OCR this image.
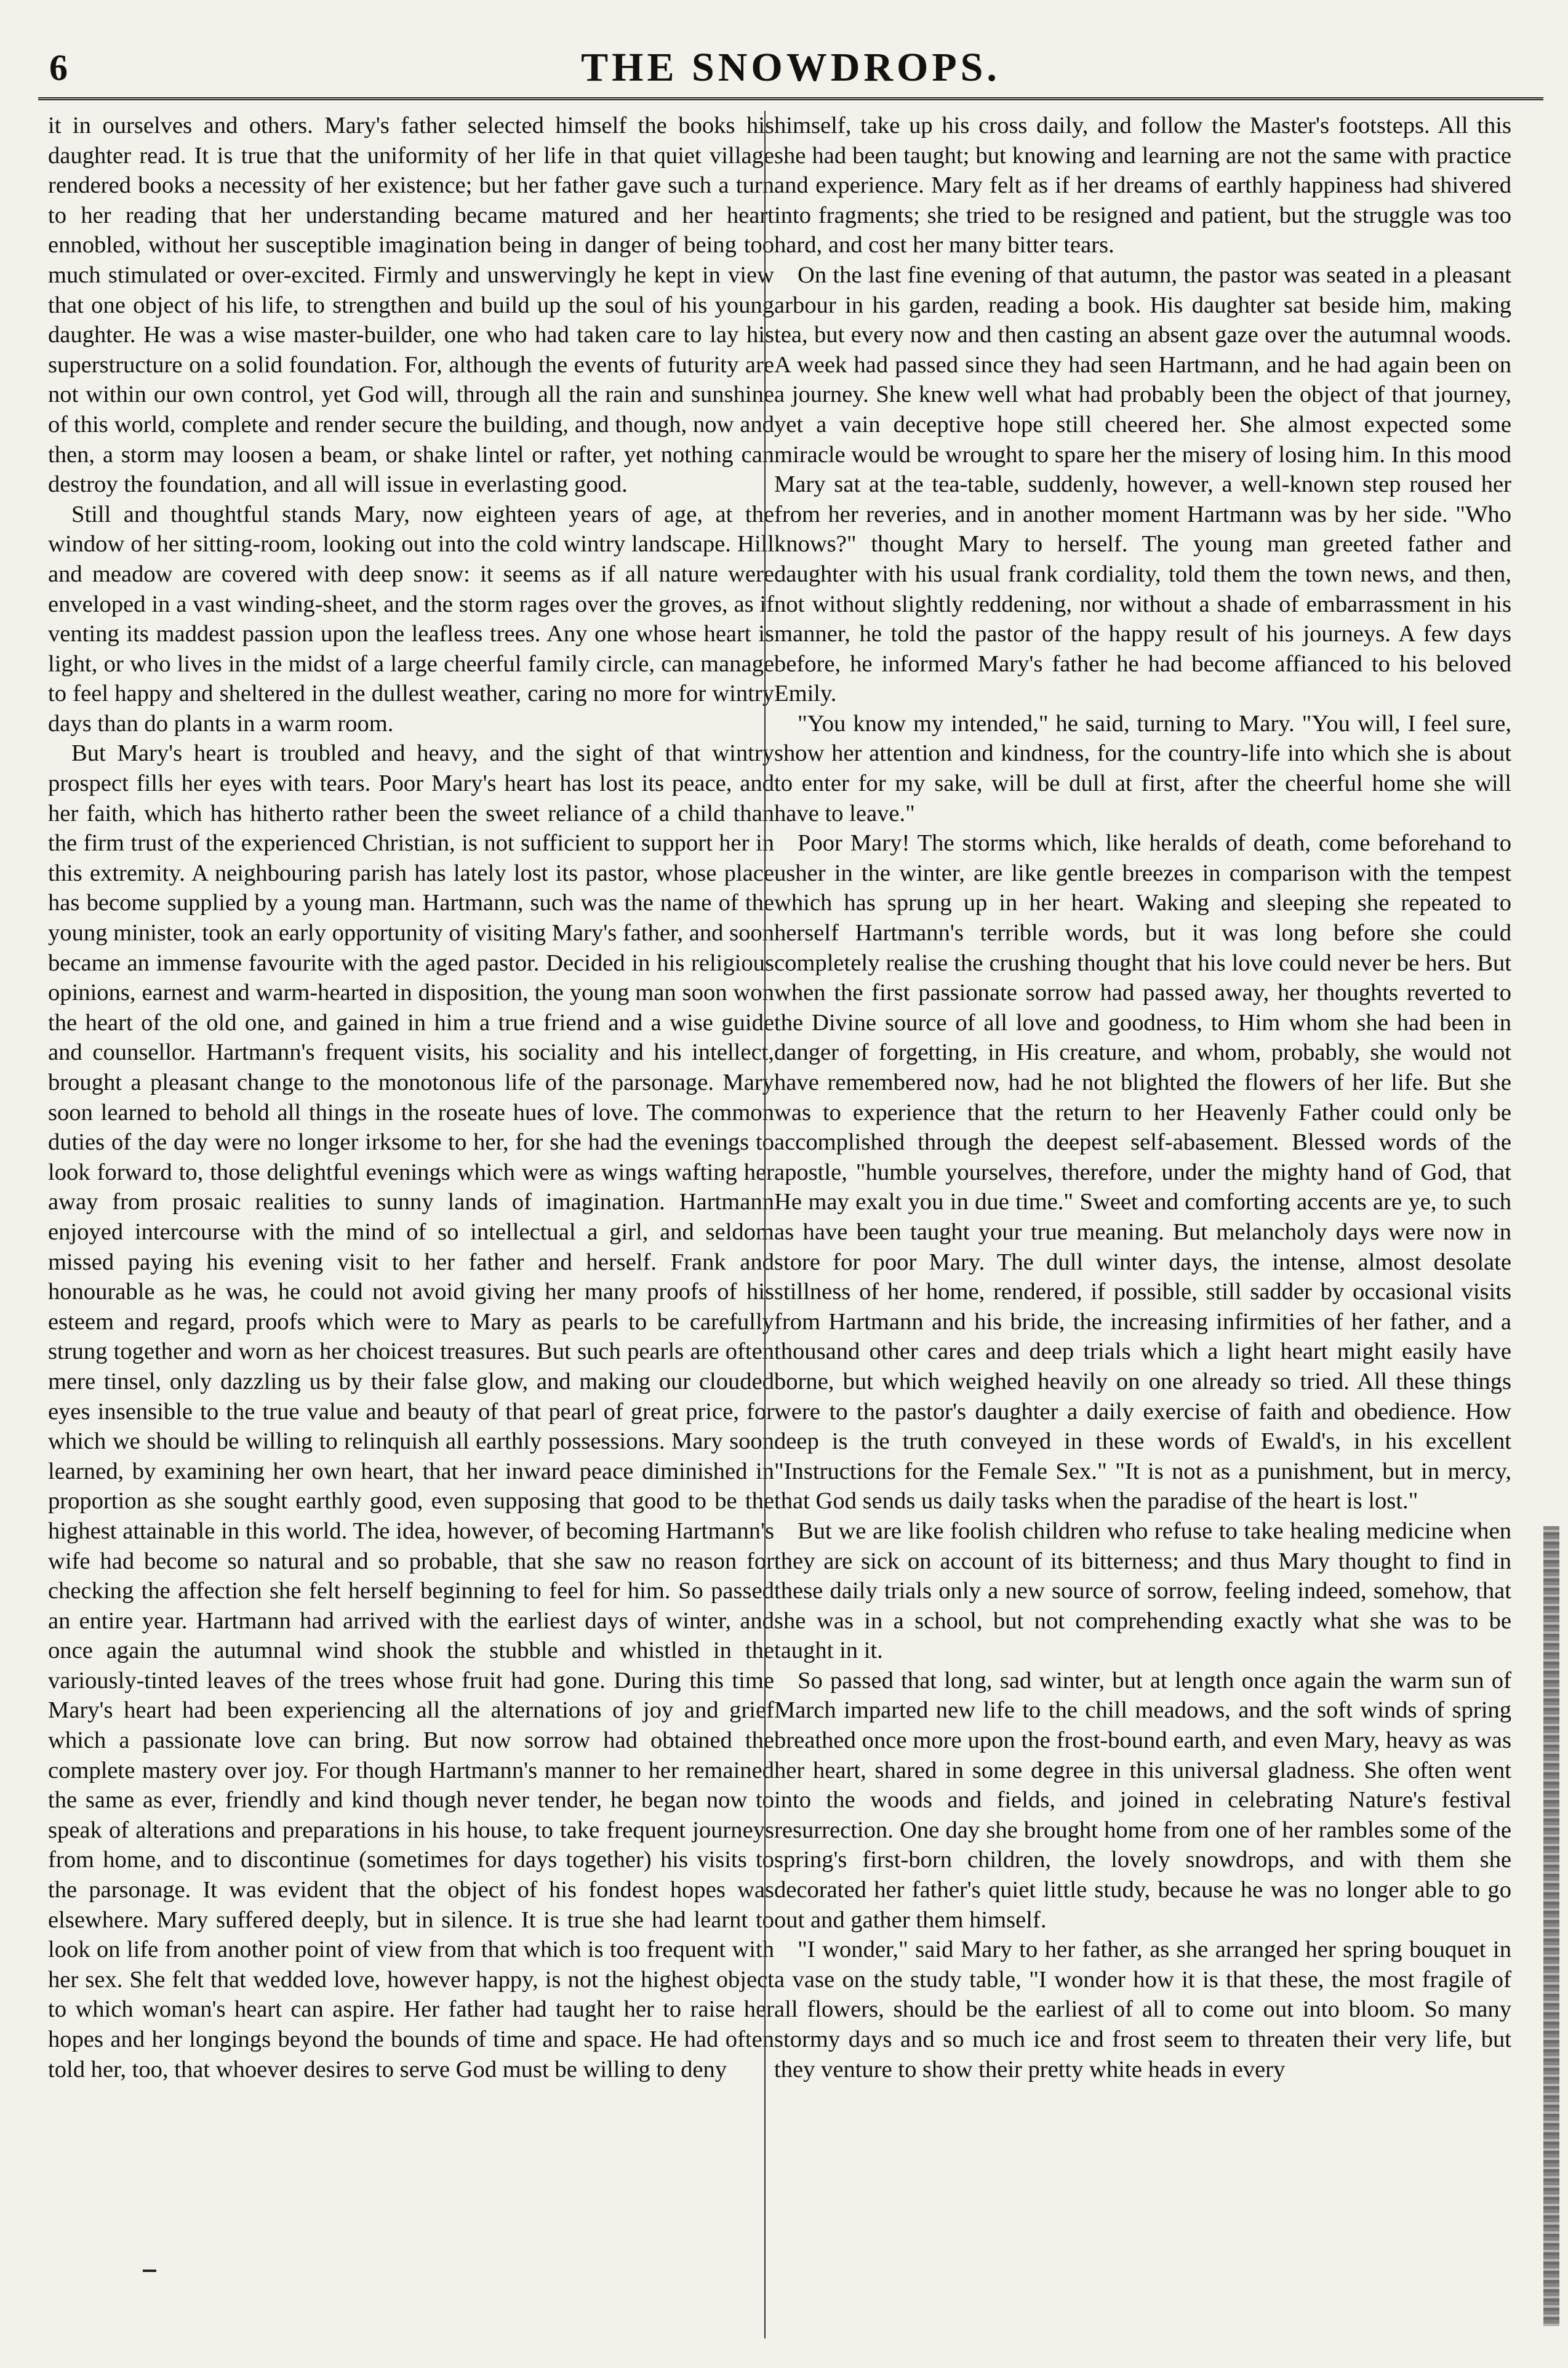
6	THE SNOWDROPS.

it in ourselves and others. Mary's father selected himself the books his daughter read. It is true that the uniformity of her life in that quiet village rendered books a necessity of her existence; but her father gave such a turn to her reading that her understanding became matured and her heart ennobled, without her susceptible imagination being in danger of being too much stimulated or over-excited. Firmly and unswervingly he kept in view that one object of his life, to strengthen and build up the soul of his young daughter. He was a wise master-builder, one who had taken care to lay his superstructure on a solid foundation. For, although the events of futurity are not within our own control, yet God will, through all the rain and sunshine of this world, complete and render secure the building, and though, now and then, a storm may loosen a beam, or shake lintel or rafter, yet nothing can destroy the foundation, and all will issue in everlasting good.

Still and thoughtful stands Mary, now eighteen years of age, at the window of her sitting-room, looking out into the cold wintry landscape. Hill and meadow are covered with deep snow: it seems as if all nature were enveloped in a vast winding-sheet, and the storm rages over the groves, as if venting its maddest passion upon the leafless trees. Any one whose heart is light, or who lives in the midst of a large cheerful family circle, can manage to feel happy and sheltered in the dullest weather, caring no more for wintry days than do plants in a warm room.

But Mary's heart is troubled and heavy, and the sight of that wintry prospect fills her eyes with tears. Poor Mary's heart has lost its peace, and her faith, which has hitherto rather been the sweet reliance of a child than the firm trust of the experienced Christian, is not sufficient to support her in this extremity. A neighbouring parish has lately lost its pastor, whose place has become supplied by a young man. Hartmann, such was the name of the young minister, took an early opportunity of visiting Mary's father, and soon became an immense favourite with the aged pastor. Decided in his religious opinions, earnest and warm-hearted in disposition, the young man soon won the heart of the old one, and gained in him a true friend and a wise guide and counsellor. Hartmann's frequent visits, his sociality and his intellect, brought a pleasant change to the monotonous life of the parsonage. Mary soon learned to behold all things in the roseate hues of love. The common duties of the day were no longer irksome to her, for she had the evenings to look forward to, those delightful evenings which were as wings wafting her away from prosaic realities to sunny lands of imagination. Hartmann enjoyed intercourse with the mind of so intellectual a girl, and seldom missed paying his evening visit to her father and herself. Frank and honourable as he was, he could not avoid giving her many proofs of his esteem and regard, proofs which were to Mary as pearls to be carefully strung together and worn as her choicest treasures. But such pearls are often mere tinsel, only dazzling us by their false glow, and making our clouded eyes insensible to the true value and beauty of that pearl of great price, for which we should be willing to relinquish all earthly possessions. Mary soon learned, by examining her own heart, that her inward peace diminished in proportion as she sought earthly good, even supposing that good to be the highest attainable in this world. The idea, however, of becoming Hartmann's wife had become so natural and so probable, that she saw no reason for checking the affection she felt herself beginning to feel for him. So passed an entire year. Hartmann had arrived with the earliest days of winter, and once again the autumnal wind shook the stubble and whistled in the variously-tinted leaves of the trees whose fruit had gone. During this time Mary's heart had been experiencing all the alternations of joy and grief which a passionate love can bring. But now sorrow had obtained the complete mastery over joy. For though Hartmann's manner to her remained the same as ever, friendly and kind though never tender, he began now to speak of alterations and preparations in his house, to take frequent journeys from home, and to discontinue (sometimes for days together) his visits to the parsonage. It was evident that the object of his fondest hopes was elsewhere. Mary suffered deeply, but in silence. It is true she had learnt to look on life from another point of view from that which is too frequent with her sex. She felt that wedded love, however happy, is not the highest object to which woman's heart can aspire. Her father had taught her to raise her hopes and her longings beyond the bounds of time and space. He had often told her, too, that whoever desires to serve God must be willing to deny

himself, take up his cross daily, and follow the Master's footsteps. All this she had been taught; but knowing and learning are not the same with practice and experience. Mary felt as if her dreams of earthly happiness had shivered into fragments; she tried to be resigned and patient, but the struggle was too hard, and cost her many bitter tears.

On the last fine evening of that autumn, the pastor was seated in a pleasant arbour in his garden, reading a book. His daughter sat beside him, making tea, but every now and then casting an absent gaze over the autumnal woods. A week had passed since they had seen Hartmann, and he had again been on a journey. She knew well what had probably been the object of that journey, yet a vain deceptive hope still cheered her. She almost expected some miracle would be wrought to spare her the misery of losing him. In this mood Mary sat at the tea-table, suddenly, however, a well-known step roused her from her reveries, and in another moment Hartmann was by her side. "Who knows?" thought Mary to herself. The young man greeted father and daughter with his usual frank cordiality, told them the town news, and then, not without slightly reddening, nor without a shade of embarrassment in his manner, he told the pastor of the happy result of his journeys. A few days before, he informed Mary's father he had become affianced to his beloved Emily.

"You know my intended," he said, turning to Mary. "You will, I feel sure, show her attention and kindness, for the country-life into which she is about to enter for my sake, will be dull at first, after the cheerful home she will have to leave."

Poor Mary! The storms which, like heralds of death, come beforehand to usher in the winter, are like gentle breezes in comparison with the tempest which has sprung up in her heart. Waking and sleeping she repeated to herself Hartmann's terrible words, but it was long before she could completely realise the crushing thought that his love could never be hers. But when the first passionate sorrow had passed away, her thoughts reverted to the Divine source of all love and goodness, to Him whom she had been in danger of forgetting, in His creature, and whom, probably, she would not have remembered now, had he not blighted the flowers of her life. But she was to experience that the return to her Heavenly Father could only be accomplished through the deepest self-abasement. Blessed words of the apostle, "humble yourselves, therefore, under the mighty hand of God, that He may exalt you in due time." Sweet and comforting accents are ye, to such as have been taught your true meaning. But melancholy days were now in store for poor Mary. The dull winter days, the intense, almost desolate stillness of her home, rendered, if possible, still sadder by occasional visits from Hartmann and his bride, the increasing infirmities of her father, and a thousand other cares and deep trials which a light heart might easily have borne, but which weighed heavily on one already so tried. All these things were to the pastor's daughter a daily exercise of faith and obedience. How deep is the truth conveyed in these words of Ewald's, in his excellent "Instructions for the Female Sex." "It is not as a punishment, but in mercy, that God sends us daily tasks when the paradise of the heart is lost."

But we are like foolish children who refuse to take healing medicine when they are sick on account of its bitterness; and thus Mary thought to find in these daily trials only a new source of sorrow, feeling indeed, somehow, that she was in a school, but not comprehending exactly what she was to be taught in it.

So passed that long, sad winter, but at length once again the warm sun of March imparted new life to the chill meadows, and the soft winds of spring breathed once more upon the frost-bound earth, and even Mary, heavy as was her heart, shared in some degree in this universal gladness. She often went into the woods and fields, and joined in celebrating Nature's festival resurrection. One day she brought home from one of her rambles some of the spring's first-born children, the lovely snowdrops, and with them she decorated her father's quiet little study, because he was no longer able to go out and gather them himself.

"I wonder," said Mary to her father, as she arranged her spring bouquet in a vase on the study table, "I wonder how it is that these, the most fragile of all flowers, should be the earliest of all to come out into bloom. So many stormy days and so much ice and frost seem to threaten their very life, but they venture to show their pretty white heads in every
